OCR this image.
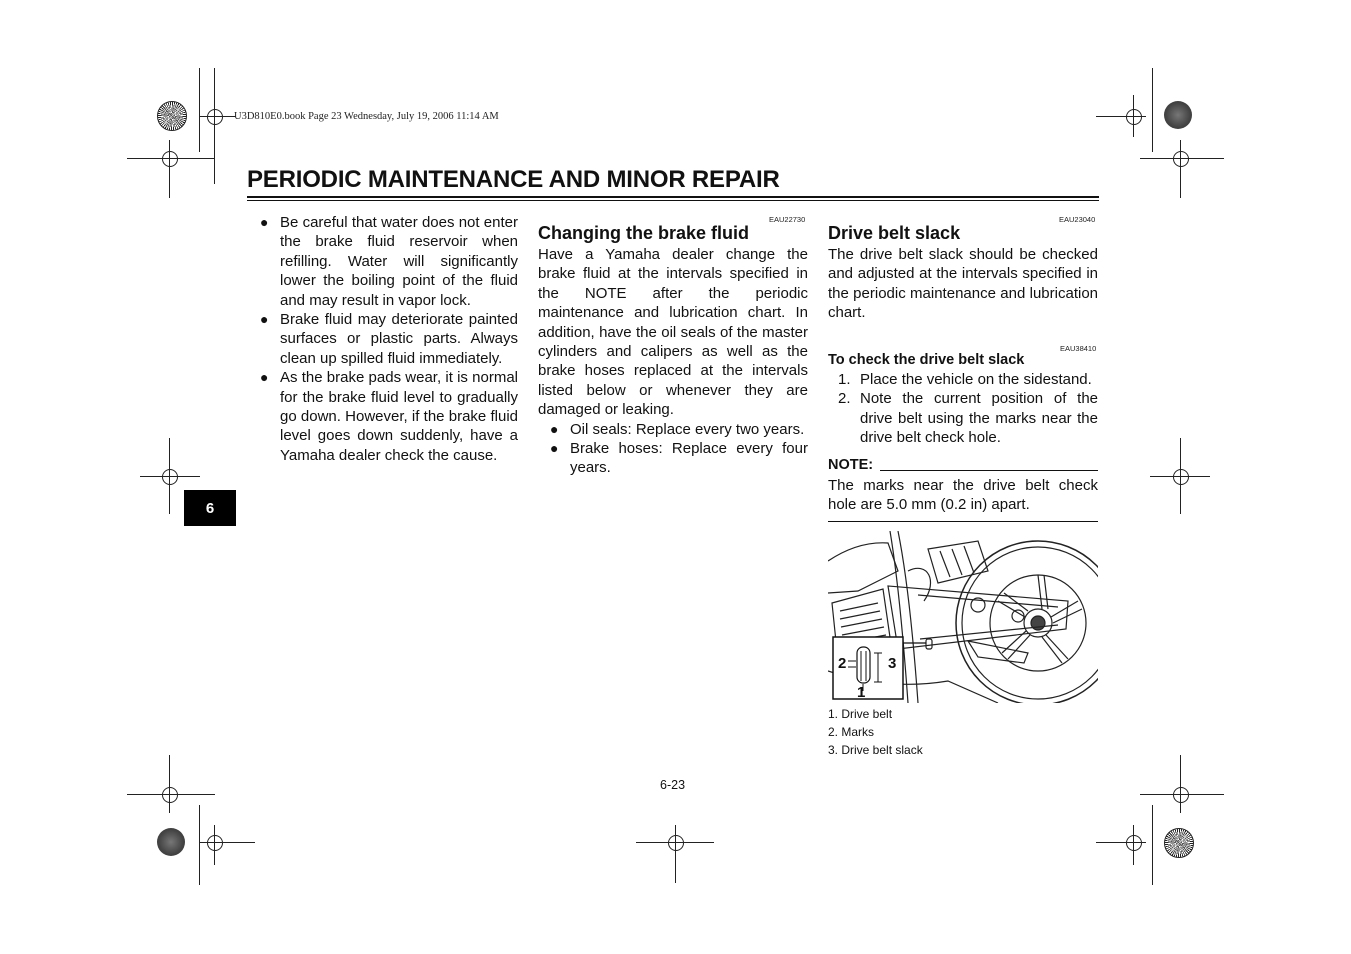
U3D810E0.book Page 23 Wednesday, July 19, 2006 11:14 AM
PERIODIC MAINTENANCE AND MINOR REPAIR
6
● Be careful that water does not enter the brake fluid reservoir when refilling. Water will significantly lower the boiling point of the fluid and may result in vapor lock.
● Brake fluid may deteriorate painted surfaces or plastic parts. Always clean up spilled fluid immediately.
● As the brake pads wear, it is normal for the brake fluid level to gradually go down. However, if the brake fluid level goes down suddenly, have a Yamaha dealer check the cause.
EAU22730
Changing the brake fluid

Have a Yamaha dealer change the brake fluid at the intervals specified in the NOTE after the periodic maintenance and lubrication chart. In addition, have the oil seals of the master cylinders and calipers as well as the brake hoses replaced at the intervals listed below or whenever they are damaged or leaking.

● Oil seals: Replace every two years.
● Brake hoses: Replace every four years.
EAU23040
Drive belt slack

The drive belt slack should be checked and adjusted at the intervals specified in the periodic maintenance and lubrication chart.

EAU38410
To check the drive belt slack
1. Place the vehicle on the sidestand.
2. Note the current position of the drive belt using the marks near the drive belt check hole.
NOTE:

The marks near the drive belt check hole are 5.0 mm (0.2 in) apart.

2	3
1
1. Drive belt
2. Marks
3. Drive belt slack
6-23
